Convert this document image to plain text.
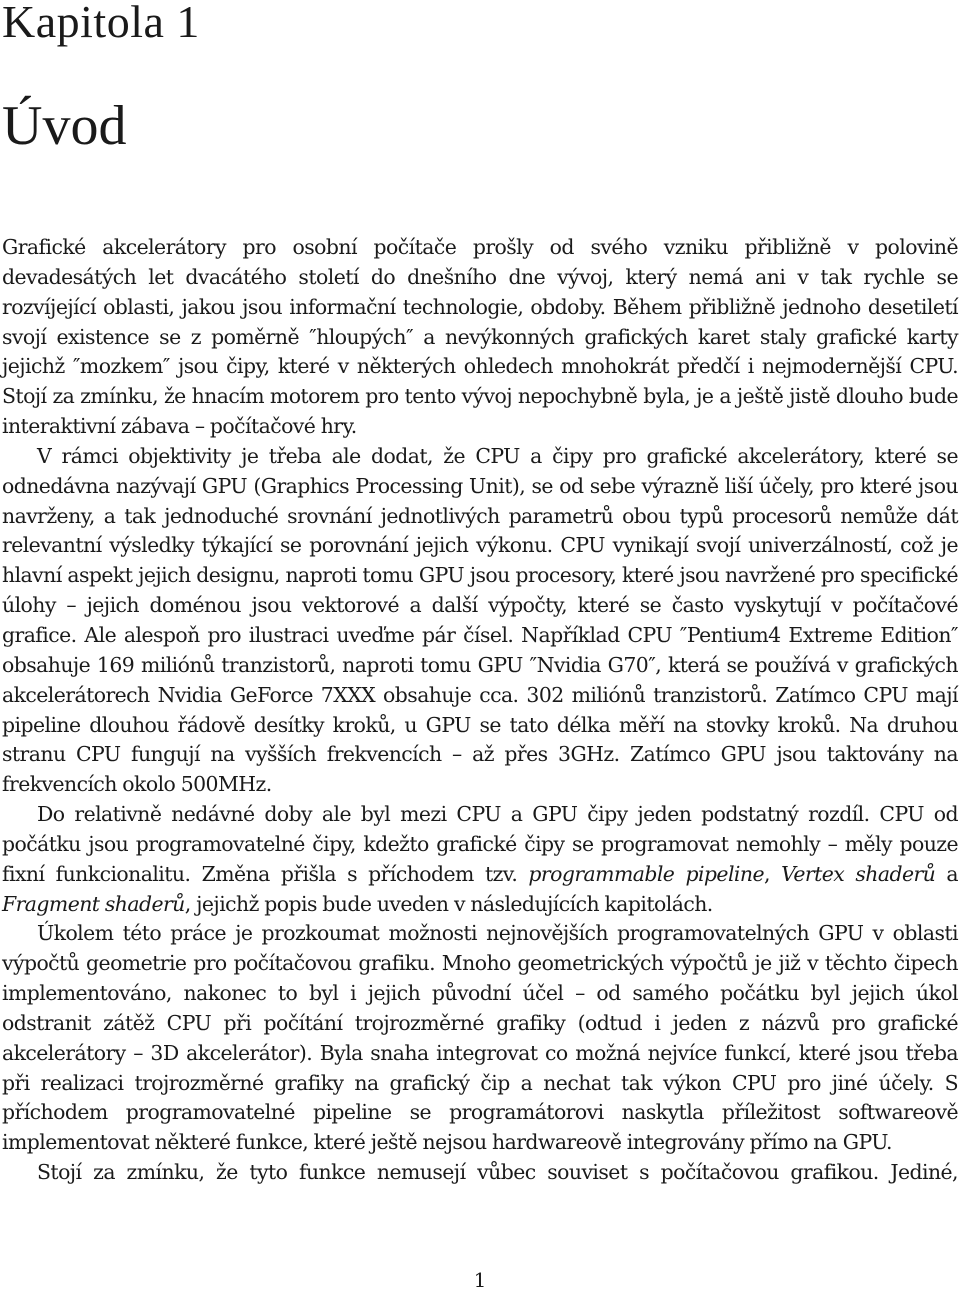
Kapitola 1
Úvod

Grafické akcelerátory pro osobní počítače prošly od svého vzniku přibližně v polovině devadesátých let dvacátého století do dnešního dne vývoj, který nemá ani v tak rychle se rozvíjející oblasti, jakou jsou informační technologie, obdoby. Během přibližně jednoho desetiletí svojí existence se z poměrně ″hloupých″ a nevýkonných grafických karet staly grafické karty jejichž ″mozkem″ jsou čipy, které v některých ohledech mnohokrát předčí i nejmodernější CPU. Stojí za zmínku, že hnacím motorem pro tento vývoj nepochybně byla, je a ještě jistě dlouho bude interaktivní zábava – počítačové hry.

V rámci objektivity je třeba ale dodat, že CPU a čipy pro grafické akcelerátory, které se odnedávna nazývají GPU (Graphics Processing Unit), se od sebe výrazně liší účely, pro které jsou navrženy, a tak jednoduché srovnání jednotlivých parametrů obou typů procesorů nemůže dát relevantní výsledky týkající se porovnání jejich výkonu. CPU vynikají svojí univerzálností, což je hlavní aspekt jejich designu, naproti tomu GPU jsou procesory, které jsou navržené pro specifické úlohy – jejich doménou jsou vektorové a další výpočty, které se často vyskytují v počítačové grafice. Ale alespoň pro ilustraci uveďme pár čísel. Například CPU ″Pentium4 Extreme Edition″ obsahuje 169 miliónů tranzistorů, naproti tomu GPU ″Nvidia G70″, která se používá v grafických akcelerátorech Nvidia GeForce 7XXX obsahuje cca. 302 miliónů tranzistorů. Zatímco CPU mají pipeline dlouhou řádově desítky kroků, u GPU se tato délka měří na stovky kroků. Na druhou stranu CPU fungují na vyšších frekvencích – až přes 3GHz. Zatímco GPU jsou taktovány na frekvencích okolo 500MHz.

Do relativně nedávné doby ale byl mezi CPU a GPU čipy jeden podstatný rozdíl. CPU od počátku jsou programovatelné čipy, kdežto grafické čipy se programovat nemohly – měly pouze fixní funkcionalitu. Změna přišla s příchodem tzv. programmable pipeline, Vertex shaderů a Fragment shaderů, jejichž popis bude uveden v následujících kapitolách.

Úkolem této práce je prozkoumat možnosti nejnovějších programovatelných GPU v oblasti výpočtů geometrie pro počítačovou grafiku. Mnoho geometrických výpočtů je již v těchto čipech implementováno, nakonec to byl i jejich původní účel – od samého počátku byl jejich úkol odstranit zátěž CPU při počítání trojrozměrné grafiky (odtud i jeden z názvů pro grafické akcelerátory – 3D akcelerátor). Byla snaha integrovat co možná nejvíce funkcí, které jsou třeba při realizaci trojrozměrné grafiky na grafický čip a nechat tak výkon CPU pro jiné účely. S příchodem programovatelné pipeline se programátorovi naskytla příležitost softwareově implementovat některé funkce, které ještě nejsou hardwareově integrovány přímo na GPU.

Stojí za zmínku, že tyto funkce nemusejí vůbec souviset s počítačovou grafikou. Jediné,

1
